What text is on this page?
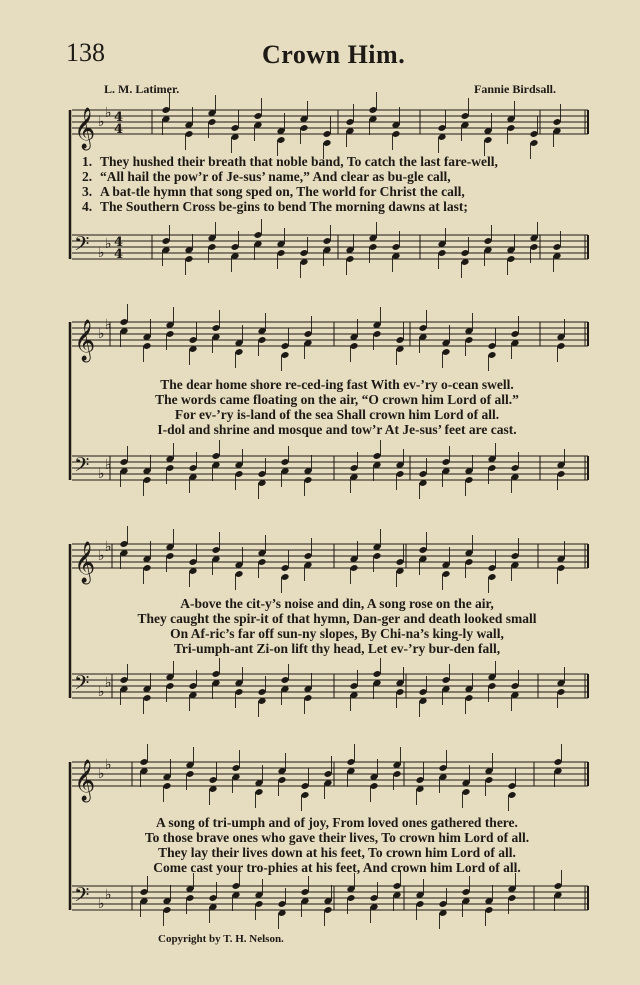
138	Crown Him.
L. M. Latimer.	Fannie Birdsall.
𝄞 ♭
♭ 4
4
𝄢 ♭
♭ 4
4
𝄞 ♭
♭
𝄢 ♭
♭
𝄞 ♭
♭
𝄢 ♭
♭
𝄞 ♭
♭
𝄢 ♭
♭
1. They hushed their breath that noble band, To catch the last fare-well,
2. “All hail the pow’r of Je-sus’ name,” And clear as bu-gle call,
3. A bat-tle hymn that song sped on, The world for Christ the call,
4. The Southern Cross be-gins to bend The morning dawns at last;
The dear home shore re-ced-ing fast With ev-’ry o-cean swell.
The words came floating on the air, “O crown him Lord of all.”
For ev-’ry is-land of the sea Shall crown him Lord of all.
I-dol and shrine and mosque and tow’r At Je-sus’ feet are cast.
A-bove the cit-y’s noise and din, A song rose on the air,
They caught the spir-it of that hymn, Dan-ger and death looked small
On Af-ric’s far off sun-ny slopes, By Chi-na’s king-ly wall,
Tri-umph-ant Zi-on lift thy head, Let ev-’ry bur-den fall,
A song of tri-umph and of joy, From loved ones gathered there.
To those brave ones who gave their lives, To crown him Lord of all.
They lay their lives down at his feet, To crown him Lord of all.
Come cast your tro-phies at his feet, And crown him Lord of all.
Copyright by T. H. Nelson.
